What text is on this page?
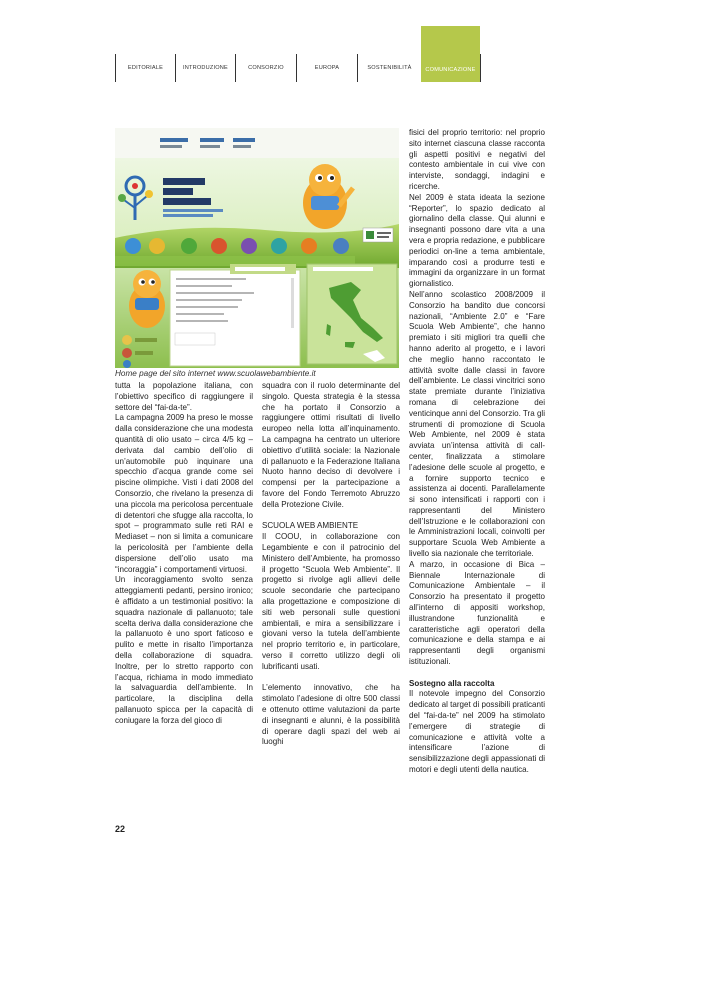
EDITORIALE	INTRODUZIONE	CONSORZIO	EUROPA	SOSTENIBILITÀ	COMUNICAZIONE
Home page del sito internet www.scuolawebambiente.it

tutta la popolazione italiana, con l’obiettivo specifico di raggiungere il settore del “fai-da-te”.

La campagna 2009 ha preso le mosse dalla considerazione che una modesta quantità di olio usato – circa 4/5 kg – derivata dal cambio dell’olio di un’automobile può inquinare una specchio d’acqua grande come sei piscine olimpiche. Visti i dati 2008 del Consorzio, che rivelano la presenza di una piccola ma pericolosa percentuale di detentori che sfugge alla raccolta, lo spot – programmato sulle reti RAI e Mediaset – non si limita a comunicare la pericolosità per l’ambiente della dispersione dell’olio usato ma “incoraggia” i comportamenti virtuosi.

Un incoraggiamento svolto senza atteggiamenti pedanti, persino ironico; è affidato a un testimonial positivo: la squadra nazionale di pallanuoto; tale scelta deriva dalla considerazione che la pallanuoto è uno sport faticoso e pulito e mette in risalto l’importanza della collaborazione di squadra. Inoltre, per lo stretto rapporto con l’acqua, richiama in modo immediato la salvaguardia dell’ambiente. In particolare, la disciplina della pallanuoto spicca per la capacità di coniugare la forza del gioco di

squadra con il ruolo determinante del singolo. Questa strategia è la stessa che ha portato il Consorzio a raggiungere ottimi risultati di livello europeo nella lotta all’inquinamento. La campagna ha centrato un ulteriore obiettivo d’utilità sociale: la Nazionale di pallanuoto e la Federazione Italiana Nuoto hanno deciso di devolvere i compensi per la partecipazione a favore del Fondo Terremoto Abruzzo della Protezione Civile.

SCUOLA WEB AMBIENTE

Il COOU, in collaborazione con Legambiente e con il patrocinio del Ministero dell’Ambiente, ha promosso il progetto “Scuola Web Ambiente”. Il progetto si rivolge agli allievi delle scuole secondarie che partecipano alla progettazione e composizione di siti web personali sulle questioni ambientali, e mira a sensibilizzare i giovani verso la tutela dell’ambiente nel proprio territorio e, in particolare, verso il corretto utilizzo degli oli lubrificanti usati.

L’elemento innovativo, che ha stimolato l’adesione di oltre 500 classi e ottenuto ottime valutazioni da parte di insegnanti e alunni, è la possibilità di operare dagli spazi del web ai luoghi

fisici del proprio territorio: nel proprio sito internet ciascuna classe racconta gli aspetti positivi e negativi del contesto ambientale in cui vive con interviste, sondaggi, indagini e ricerche.

Nel 2009 è stata ideata la sezione “Reporter”, lo spazio dedicato al giornalino della classe. Qui alunni e insegnanti possono dare vita a una vera e propria redazione, e pubblicare periodici on-line a tema ambientale, imparando così a produrre testi e immagini da organizzare in un format giornalistico.

Nell’anno scolastico 2008/2009 il Consorzio ha bandito due concorsi nazionali, “Ambiente 2.0” e “Fare Scuola Web Ambiente”, che hanno premiato i siti migliori tra quelli che hanno aderito al progetto, e i lavori che meglio hanno raccontato le attività svolte dalle classi in favore dell’ambiente. Le classi vincitrici sono state premiate durante l’iniziativa romana di celebrazione dei venticinque anni del Consorzio. Tra gli strumenti di promozione di Scuola Web Ambiente, nel 2009 è stata avviata un’intensa attività di call-center, finalizzata a stimolare l’adesione delle scuole al progetto, e a fornire supporto tecnico e assistenza ai docenti. Parallelamente si sono intensificati i rapporti con i rappresentanti del Ministero dell’Istruzione e le collaborazioni con le Amministrazioni locali, coinvolti per supportare Scuola Web Ambiente a livello sia nazionale che territoriale.

A marzo, in occasione di Bica – Biennale Internazionale di Comunicazione Ambientale – il Consorzio ha presentato il progetto all’interno di appositi workshop, illustrandone funzionalità e caratteristiche agli operatori della comunicazione e della stampa e ai rappresentanti degli organismi istituzionali.

Sostegno alla raccolta

Il notevole impegno del Consorzio dedicato al target di possibili praticanti del “fai-da-te” nel 2009 ha stimolato l’emergere di strategie di comunicazione e attività volte a intensificare l’azione di sensibilizzazione degli appassionati di motori e degli utenti della nautica.

22
